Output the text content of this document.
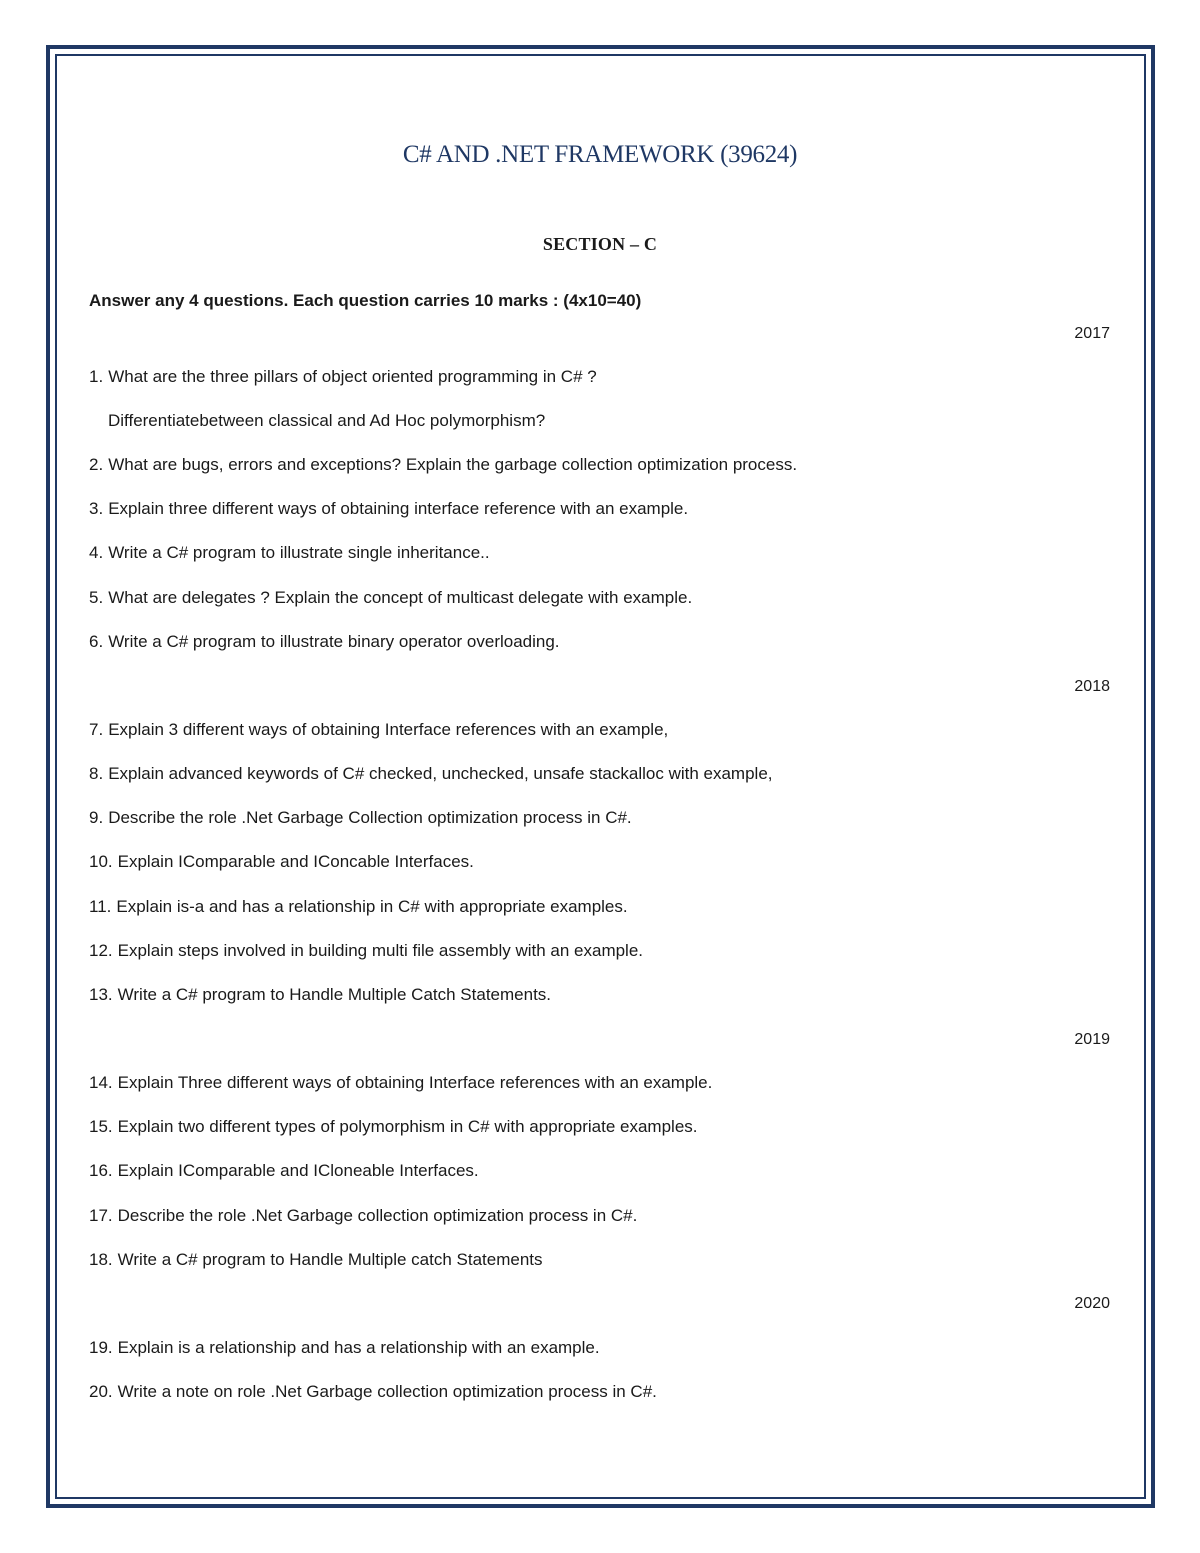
C# AND .NET FRAMEWORK (39624)
SECTION – C
Answer any 4 questions. Each question carries 10 marks : (4x10=40)
2017
1. What are the three pillars of object oriented programming in C# ?
Differentiatebetween classical and Ad Hoc polymorphism?
2. What are bugs, errors and exceptions? Explain the garbage collection optimization process.
3. Explain three different ways of obtaining interface reference with an example.
4. Write a C# program to illustrate single inheritance..
5. What are delegates ? Explain the concept of multicast delegate with example.
6. Write a C# program to illustrate binary operator overloading.
2018
7. Explain 3 different ways of obtaining Interface references with an example,
8. Explain advanced keywords of C# checked, unchecked, unsafe stackalloc with example,
9. Describe the role .Net Garbage Collection optimization process in C#.
10. Explain IComparable and IConcable Interfaces.
11. Explain is-a and has a relationship in C# with appropriate examples.
12. Explain steps involved in building multi file assembly with an example.
13. Write a C# program to Handle Multiple Catch Statements.
2019
14. Explain Three different ways of obtaining Interface references with an example.
15. Explain two different types of polymorphism in C# with appropriate examples.
16. Explain IComparable and ICloneable Interfaces.
17. Describe the role .Net Garbage collection optimization process in C#.
18. Write a C# program to Handle Multiple catch Statements
2020
19. Explain is a relationship and has a relationship with an example.
20. Write a note on role .Net Garbage collection optimization process in C#.
